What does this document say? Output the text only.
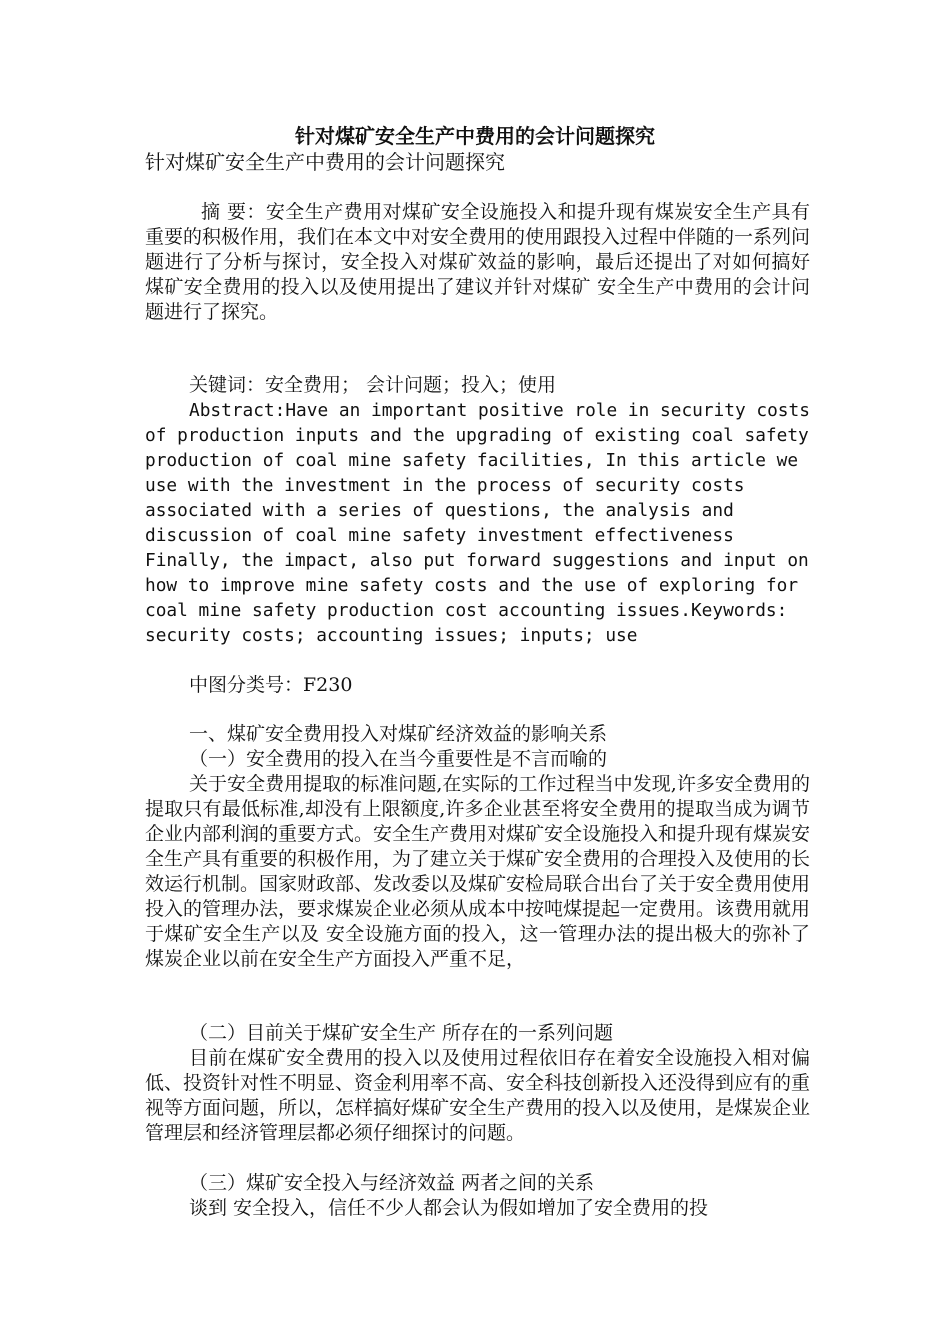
针对煤矿安全生产中费用的会计问题探究
针对煤矿安全生产中费用的会计问题探究
摘 要：安全生产费用对煤矿安全设施投入和提升现有煤炭安全生产具有重要的积极作用，我们在本文中对安全费用的使用跟投入过程中伴随的一系列问题进行了分析与探讨，安全投入对煤矿效益的影响，最后还提出了对如何搞好 煤矿安全费用的投入以及使用提出了建议并针对煤矿 安全生产中费用的会计问题进行了探究。
关键词：安全费用； 会计问题；投入；使用
Abstract:Have an important positive role in security costs of production inputs and the upgrading of existing coal safety production of coal mine safety facilities, In this article we use with the investment in the process of security costs associated with a series of questions, the analysis and discussion of coal mine safety investment effectiveness Finally, the impact, also put forward suggestions and input on how to improve mine safety costs and the use of exploring for coal mine safety production cost accounting issues.Keywords: security costs; accounting issues; inputs; use
中图分类号：F230
一、煤矿安全费用投入对煤矿经济效益的影响关系
（一）安全费用的投入在当今重要性是不言而喻的
关于安全费用提取的标准问题,在实际的工作过程当中发现,许多安全费用的提取只有最低标准,却没有上限额度,许多企业甚至将安全费用的提取当成为调节企业内部利润的重要方式。安全生产费用对煤矿安全设施投入和提升现有煤炭安全生产具有重要的积极作用，为了建立关于煤矿安全费用的合理投入及使用的长效运行机制。国家财政部、发改委以及煤矿安检局联合出台了关于安全费用使用投入的管理办法，要求煤炭企业必须从成本中按吨煤提起一定费用。该费用就用于煤矿安全生产以及 安全设施方面的投入，这一管理办法的提出极大的弥补了煤炭企业以前在安全生产方面投入严重不足，
（二）目前关于煤矿安全生产 所存在的一系列问题
目前在煤矿安全费用的投入以及使用过程依旧存在着安全设施投入相对偏低、投资针对性不明显、资金利用率不高、安全科技创新投入还没得到应有的重视等方面问题，所以，怎样搞好煤矿安全生产费用的投入以及使用，是煤炭企业管理层和经济管理层都必须仔细探讨的问题。
（三）煤矿安全投入与经济效益 两者之间的关系
谈到 安全投入，信任不少人都会认为假如增加了安全费用的投
